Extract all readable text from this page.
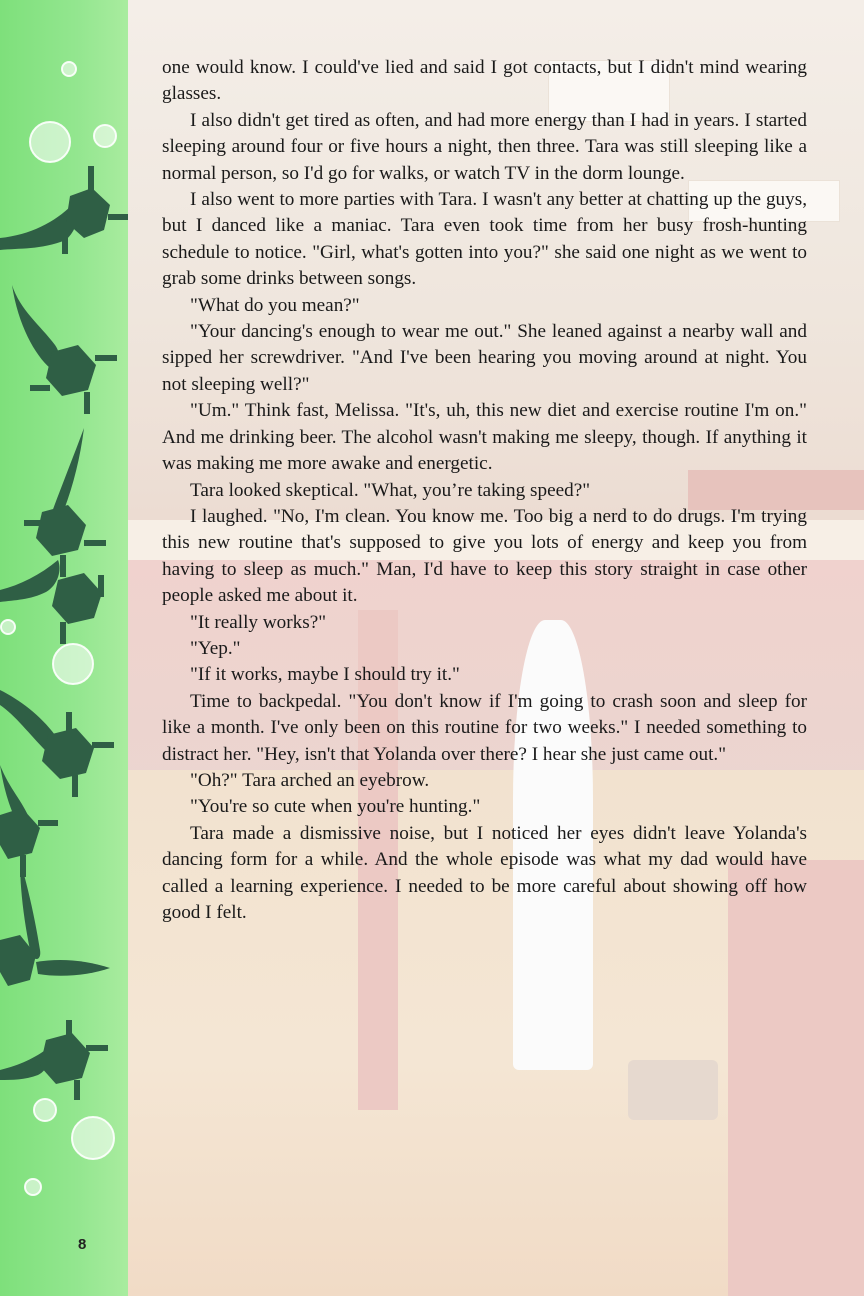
8

one would know. I could've lied and said I got contacts, but I didn't mind wearing glasses.

I also didn't get tired as often, and had more energy than I had in years. I started sleeping around four or five hours a night, then three. Tara was still sleeping like a normal person, so I'd go for walks, or watch TV in the dorm lounge.

I also went to more parties with Tara. I wasn't any better at chatting up the guys, but I danced like a maniac. Tara even took time from her busy frosh-hunting schedule to notice. "Girl, what's gotten into you?" she said one night as we went to grab some drinks between songs.

"What do you mean?"

"Your dancing's enough to wear me out." She leaned against a nearby wall and sipped her screwdriver. "And I've been hearing you moving around at night. You not sleeping well?"

"Um." Think fast, Melissa. "It's, uh, this new diet and exercise routine I'm on." And me drinking beer. The alcohol wasn't making me sleepy, though. If anything it was making me more awake and energetic.

Tara looked skeptical. "What, you’re taking speed?"

I laughed. "No, I'm clean. You know me. Too big a nerd to do drugs. I'm trying this new routine that's supposed to give you lots of energy and keep you from having to sleep as much." Man, I'd have to keep this story straight in case other people asked me about it.

"It really works?"

"Yep."

"If it works, maybe I should try it."

Time to backpedal. "You don't know if I'm going to crash soon and sleep for like a month. I've only been on this routine for two weeks." I needed something to distract her. "Hey, isn't that Yolanda over there? I hear she just came out."

"Oh?" Tara arched an eyebrow.

"You're so cute when you're hunting."

Tara made a dismissive noise, but I noticed her eyes didn't leave Yolanda's dancing form for a while. And the whole episode was what my dad would have called a learning experience. I needed to be more careful about showing off how good I felt.
